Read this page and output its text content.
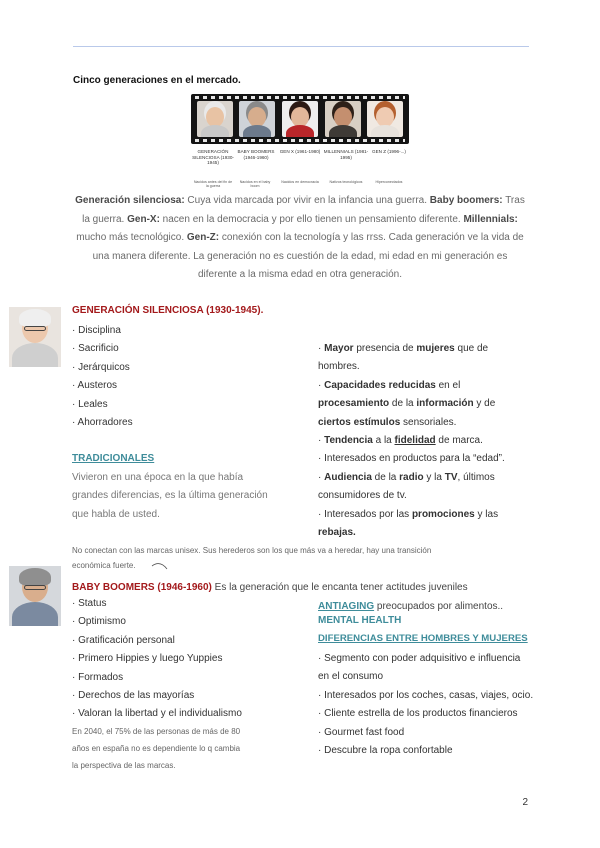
Cinco generaciones en el mercado.
GENERACIÓN SILENCIOSA (1930-1945)
BABY BOOMERS (1946-1960)
GEN X (1961-1980) MILLENNIALS (1981-1995)
GEN Z (1996-...)
Nacidos antes del fin de la guerra
Nacidos en el baby boom
Nacidos en democracia	Nativos tecnológicos	Hiperconectados
Generación silenciosa: Cuya vida marcada por vivir en la infancia una guerra. Baby boomers: Tras la guerra. Gen-X: nacen en la democracia y por ello tienen un pensamiento diferente. Millennials: mucho más tecnológico. Gen-Z: conexión con la tecnología y las rrss. Cada generación ve la vida de una manera diferente. La generación no es cuestión de la edad, mi edad en mi generación es diferente a la misma edad en otra generación.
GENERACIÓN SILENCIOSA (1930-1945).
· Disciplina
· Sacrificio
· Jerárquicos
· Austeros
· Leales
· Ahorradores
TRADICIONALES
Vivieron en una época en la que había
grandes diferencias, es la última generación
que habla de usted.
· Mayor presencia de mujeres que de
hombres.
· Capacidades reducidas en el
procesamiento de la información y de
ciertos estímulos sensoriales.
· Tendencia a la fidelidad de marca.
· Interesados en productos para la “edad”.
· Audiencia de la radio y la TV, últimos
consumidores de tv.
· Interesados por las promociones y las
rebajas.
No conectan con las marcas unisex. Sus herederos son los que más va a heredar, hay una transición
económica fuerte.
BABY BOOMERS (1946-1960) Es la generación que le encanta tener actitudes juveniles
· Status
· Optimismo
· Gratificación personal
· Primero Hippies y luego Yuppies
· Formados
· Derechos de las mayorías
· Valoran la libertad y el individualismo
En 2040, el 75% de las personas de más de 80
años en españa no es dependiente lo q cambia
la perspectiva de las marcas.
ANTIAGING preocupados por alimentos..
MENTAL HEALTH
DIFERENCIAS ENTRE HOMBRES Y MUJERES
· Segmento con poder adquisitivo e influencia
en el consumo
· Interesados por los coches, casas, viajes, ocio.
· Cliente estrella de los productos financieros
· Gourmet fast food
· Descubre la ropa confortable
2
